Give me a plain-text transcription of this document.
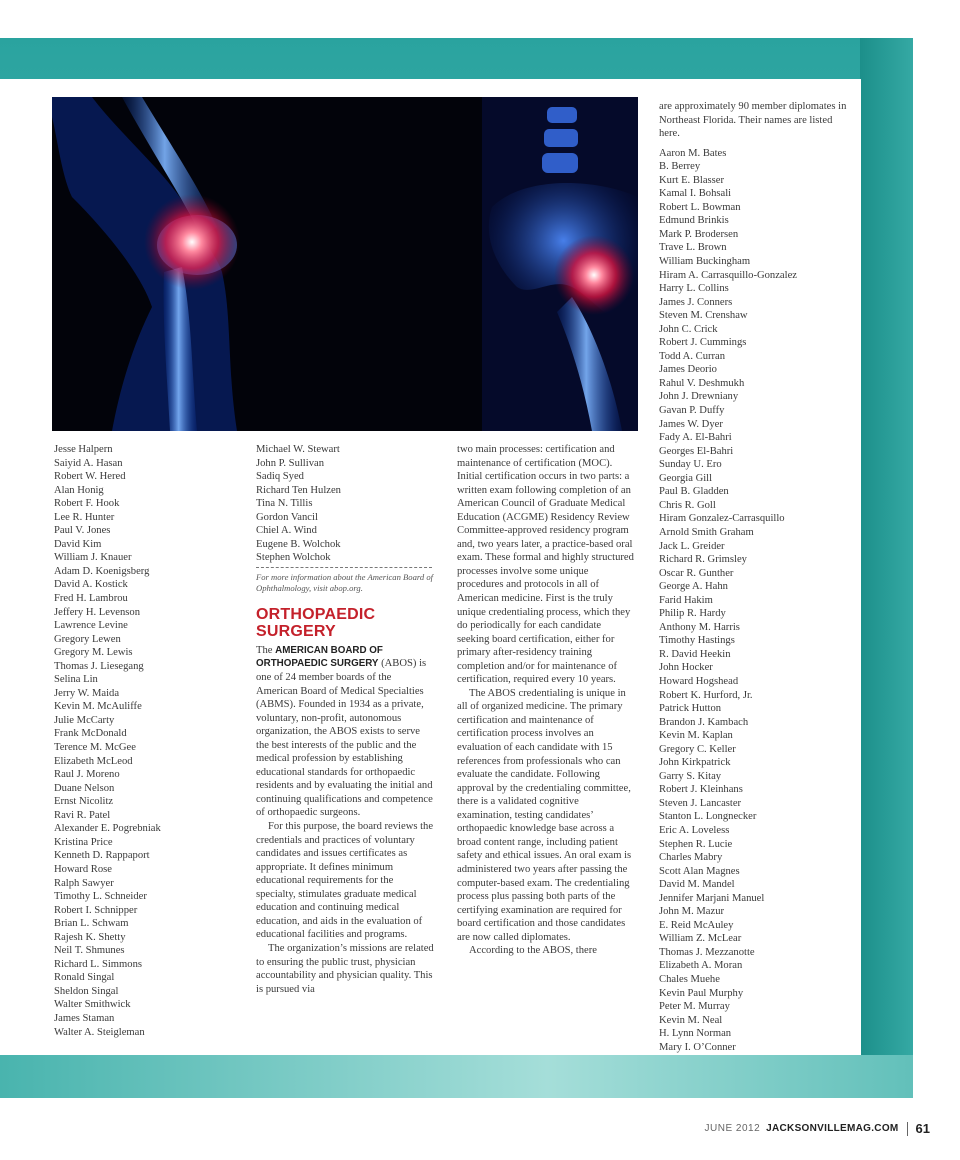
Jesse Halpern
Saiyid A. Hasan
Robert W. Hered
Alan Honig
Robert F. Hook
Lee R. Hunter
Paul V. Jones
David Kim
William J. Knauer
Adam D. Koenigsberg
David A. Kostick
Fred H. Lambrou
Jeffery H. Levenson
Lawrence Levine
Gregory Lewen
Gregory M. Lewis
Thomas J. Liesegang
Selina Lin
Jerry W. Maida
Kevin M. McAuliffe
Julie McCarty
Frank McDonald
Terence M. McGee
Elizabeth McLeod
Raul J. Moreno
Duane Nelson
Ernst Nicolitz
Ravi R. Patel
Alexander E. Pogrebniak
Kristina Price
Kenneth D. Rappaport
Howard Rose
Ralph Sawyer
Timothy L. Schneider
Robert I. Schnipper
Brian L. Schwam
Rajesh K. Shetty
Neil T. Shmunes
Richard L. Simmons
Ronald Singal
Sheldon Singal
Walter Smithwick
James Staman
Walter A. Steigleman
Michael W. Stewart
John P. Sullivan
Sadiq Syed
Richard Ten Hulzen
Tina N. Tillis
Gordon Vancil
Chiel A. Wind
Eugene B. Wolchok
Stephen Wolchok
For more information about the American Board of Ophthalmology, visit abop.org.
ORTHOPAEDIC
SURGERY

The AMERICAN BOARD OF ORTHOPAEDIC SURGERY (ABOS) is one of 24 member boards of the American Board of Medical Specialties (ABMS). Founded in 1934 as a private, voluntary, non-profit, autonomous organization, the ABOS exists to serve the best interests of the public and the medical profession by establishing educational standards for orthopaedic residents and by evaluating the initial and continuing qualifications and competence of orthopaedic surgeons.

For this purpose, the board reviews the credentials and practices of voluntary candidates and issues certificates as appropriate. It defines minimum educational requirements for the specialty, stimulates graduate medical education and continuing medical education, and aids in the evaluation of educational facilities and programs.

The organization’s missions are related to ensuring the public trust, physician accountability and physician quality. This is pursued via

two main processes: certification and maintenance of certification (MOC). Initial certification occurs in two parts: a written exam following completion of an American Council of Graduate Medical Education (ACGME) Residency Review Committee-approved residency program and, two years later, a practice-based oral exam. These formal and highly structured processes involve some unique procedures and protocols in all of American medicine. First is the truly unique credentialing process, which they do periodically for each candidate seeking board certification, either for primary after-residency training completion and/or for maintenance of certification, required every 10 years.

The ABOS credentialing is unique in all of organized medicine. The primary certification and maintenance of certification process involves an evaluation of each candidate with 15 references from professionals who can evaluate the candidate. Following approval by the credentialing committee, there is a validated cognitive examination, testing candidates’ orthopaedic knowledge base across a broad content range, including patient safety and ethical issues. An oral exam is administered two years after passing the computer-based exam. The credentialing process plus passing both parts of the certifying examination are required for board certification and those candidates are now called diplomates.

According to the ABOS, there

are approximately 90 member diplomates in Northeast Florida. Their names are listed here.

Aaron M. Bates
B. Berrey
Kurt E. Blasser
Kamal I. Bohsali
Robert L. Bowman
Edmund Brinkis
Mark P. Brodersen
Trave L. Brown
William Buckingham
Hiram A. Carrasquillo-Gonzalez
Harry L. Collins
James J. Conners
Steven M. Crenshaw
John C. Crick
Robert J. Cummings
Todd A. Curran
James Deorio
Rahul V. Deshmukh
John J. Drewniany
Gavan P. Duffy
James W. Dyer
Fady A. El-Bahri
Georges El-Bahri
Sunday U. Ero
Georgia Gill
Paul B. Gladden
Chris R. Goll
Hiram Gonzalez-Carrasquillo
Arnold Smith Graham
Jack L. Greider
Richard R. Grimsley
Oscar R. Gunther
George A. Hahn
Farid Hakim
Philip R. Hardy
Anthony M. Harris
Timothy Hastings
R. David Heekin
John Hocker
Howard Hogshead
Robert K. Hurford, Jr.
Patrick Hutton
Brandon J. Kambach
Kevin M. Kaplan
Gregory C. Keller
John Kirkpatrick
Garry S. Kitay
Robert J. Kleinhans
Steven J. Lancaster
Stanton L. Longnecker
Eric A. Loveless
Stephen R. Lucie
Charles Mabry
Scott Alan Magnes
David M. Mandel
Jennifer Marjani Manuel
John M. Mazur
E. Reid McAuley
William Z. McLear
Thomas J. Mezzanotte
Elizabeth A. Moran
Chales Muehe
Kevin Paul Murphy
Peter M. Murray
Kevin M. Neal
H. Lynn Norman
Mary I. O’Conner
JUNE 2012 JACKSONVILLEMAG.COM 61
